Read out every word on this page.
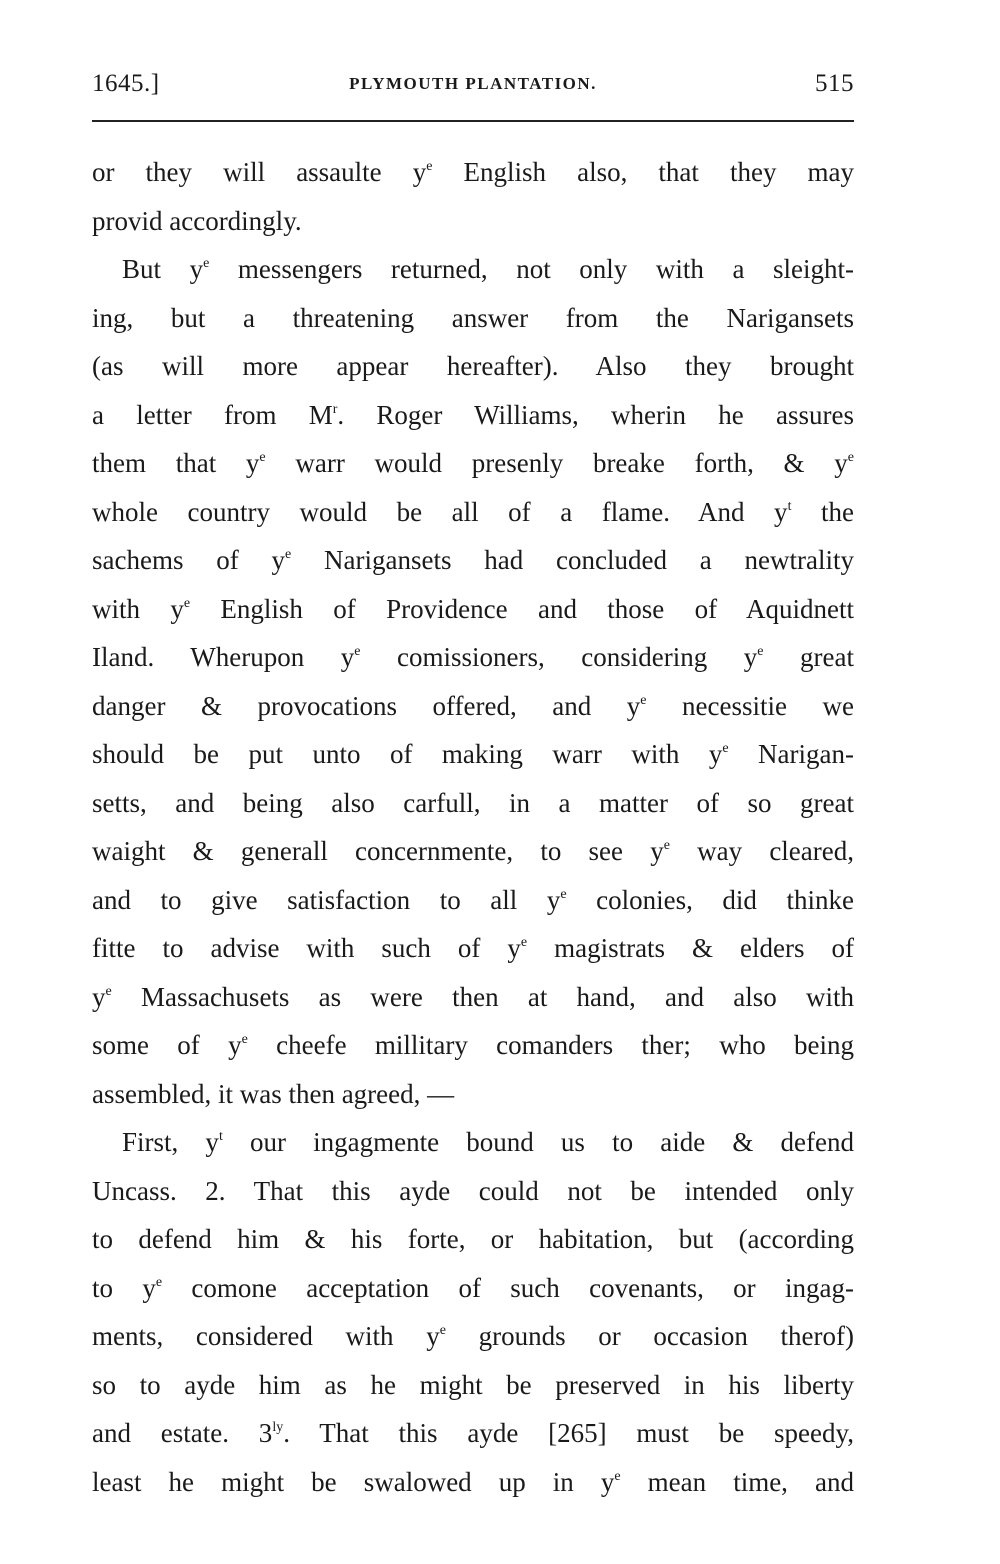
1645.]	PLYMOUTH PLANTATION.	515
or they will assaulte $y^e$ English also, that they may
provid accordingly.
But $y^e$ messengers returned, not only with a sleight-
ing, but a threatening answer from the Narigansets
(as will more appear hereafter). Also they brought
a letter from $M^r$. Roger Williams, wherin he assures
them that $y^e$ warr would presenly breake forth, & $y^e$
whole country would be all of a flame. And $y^t$ the
sachems of $y^e$ Narigansets had concluded a newtrality
with $y^e$ English of Providence and those of Aquidnett
Iland. Wherupon $y^e$ comissioners, considering $y^e$ great
danger & provocations offered, and $y^e$ necessitie we
should be put unto of making warr with $y^e$ Narigan-
setts, and being also carfull, in a matter of so great
waight & generall concernmente, to see $y^e$ way cleared,
and to give satisfaction to all $y^e$ colonies, did thinke
fitte to advise with such of $y^e$ magistrats & elders of
$y^e$ Massachusets as were then at hand, and also with
some of $y^e$ cheefe millitary comanders ther; who being
assembled, it was then agreed, —
First, $y^t$ our ingagmente bound us to aide & defend
Uncass. 2. That this ayde could not be intended only
to defend him & his forte, or habitation, but (according
to $y^e$ comone acceptation of such covenants, or ingag-
ments, considered with $y^e$ grounds or occasion therof)
so to ayde him as he might be preserved in his liberty
and estate. $3^{ly}$. That this ayde [265] must be speedy,
least he might be swalowed up in $y^e$ mean time, and
